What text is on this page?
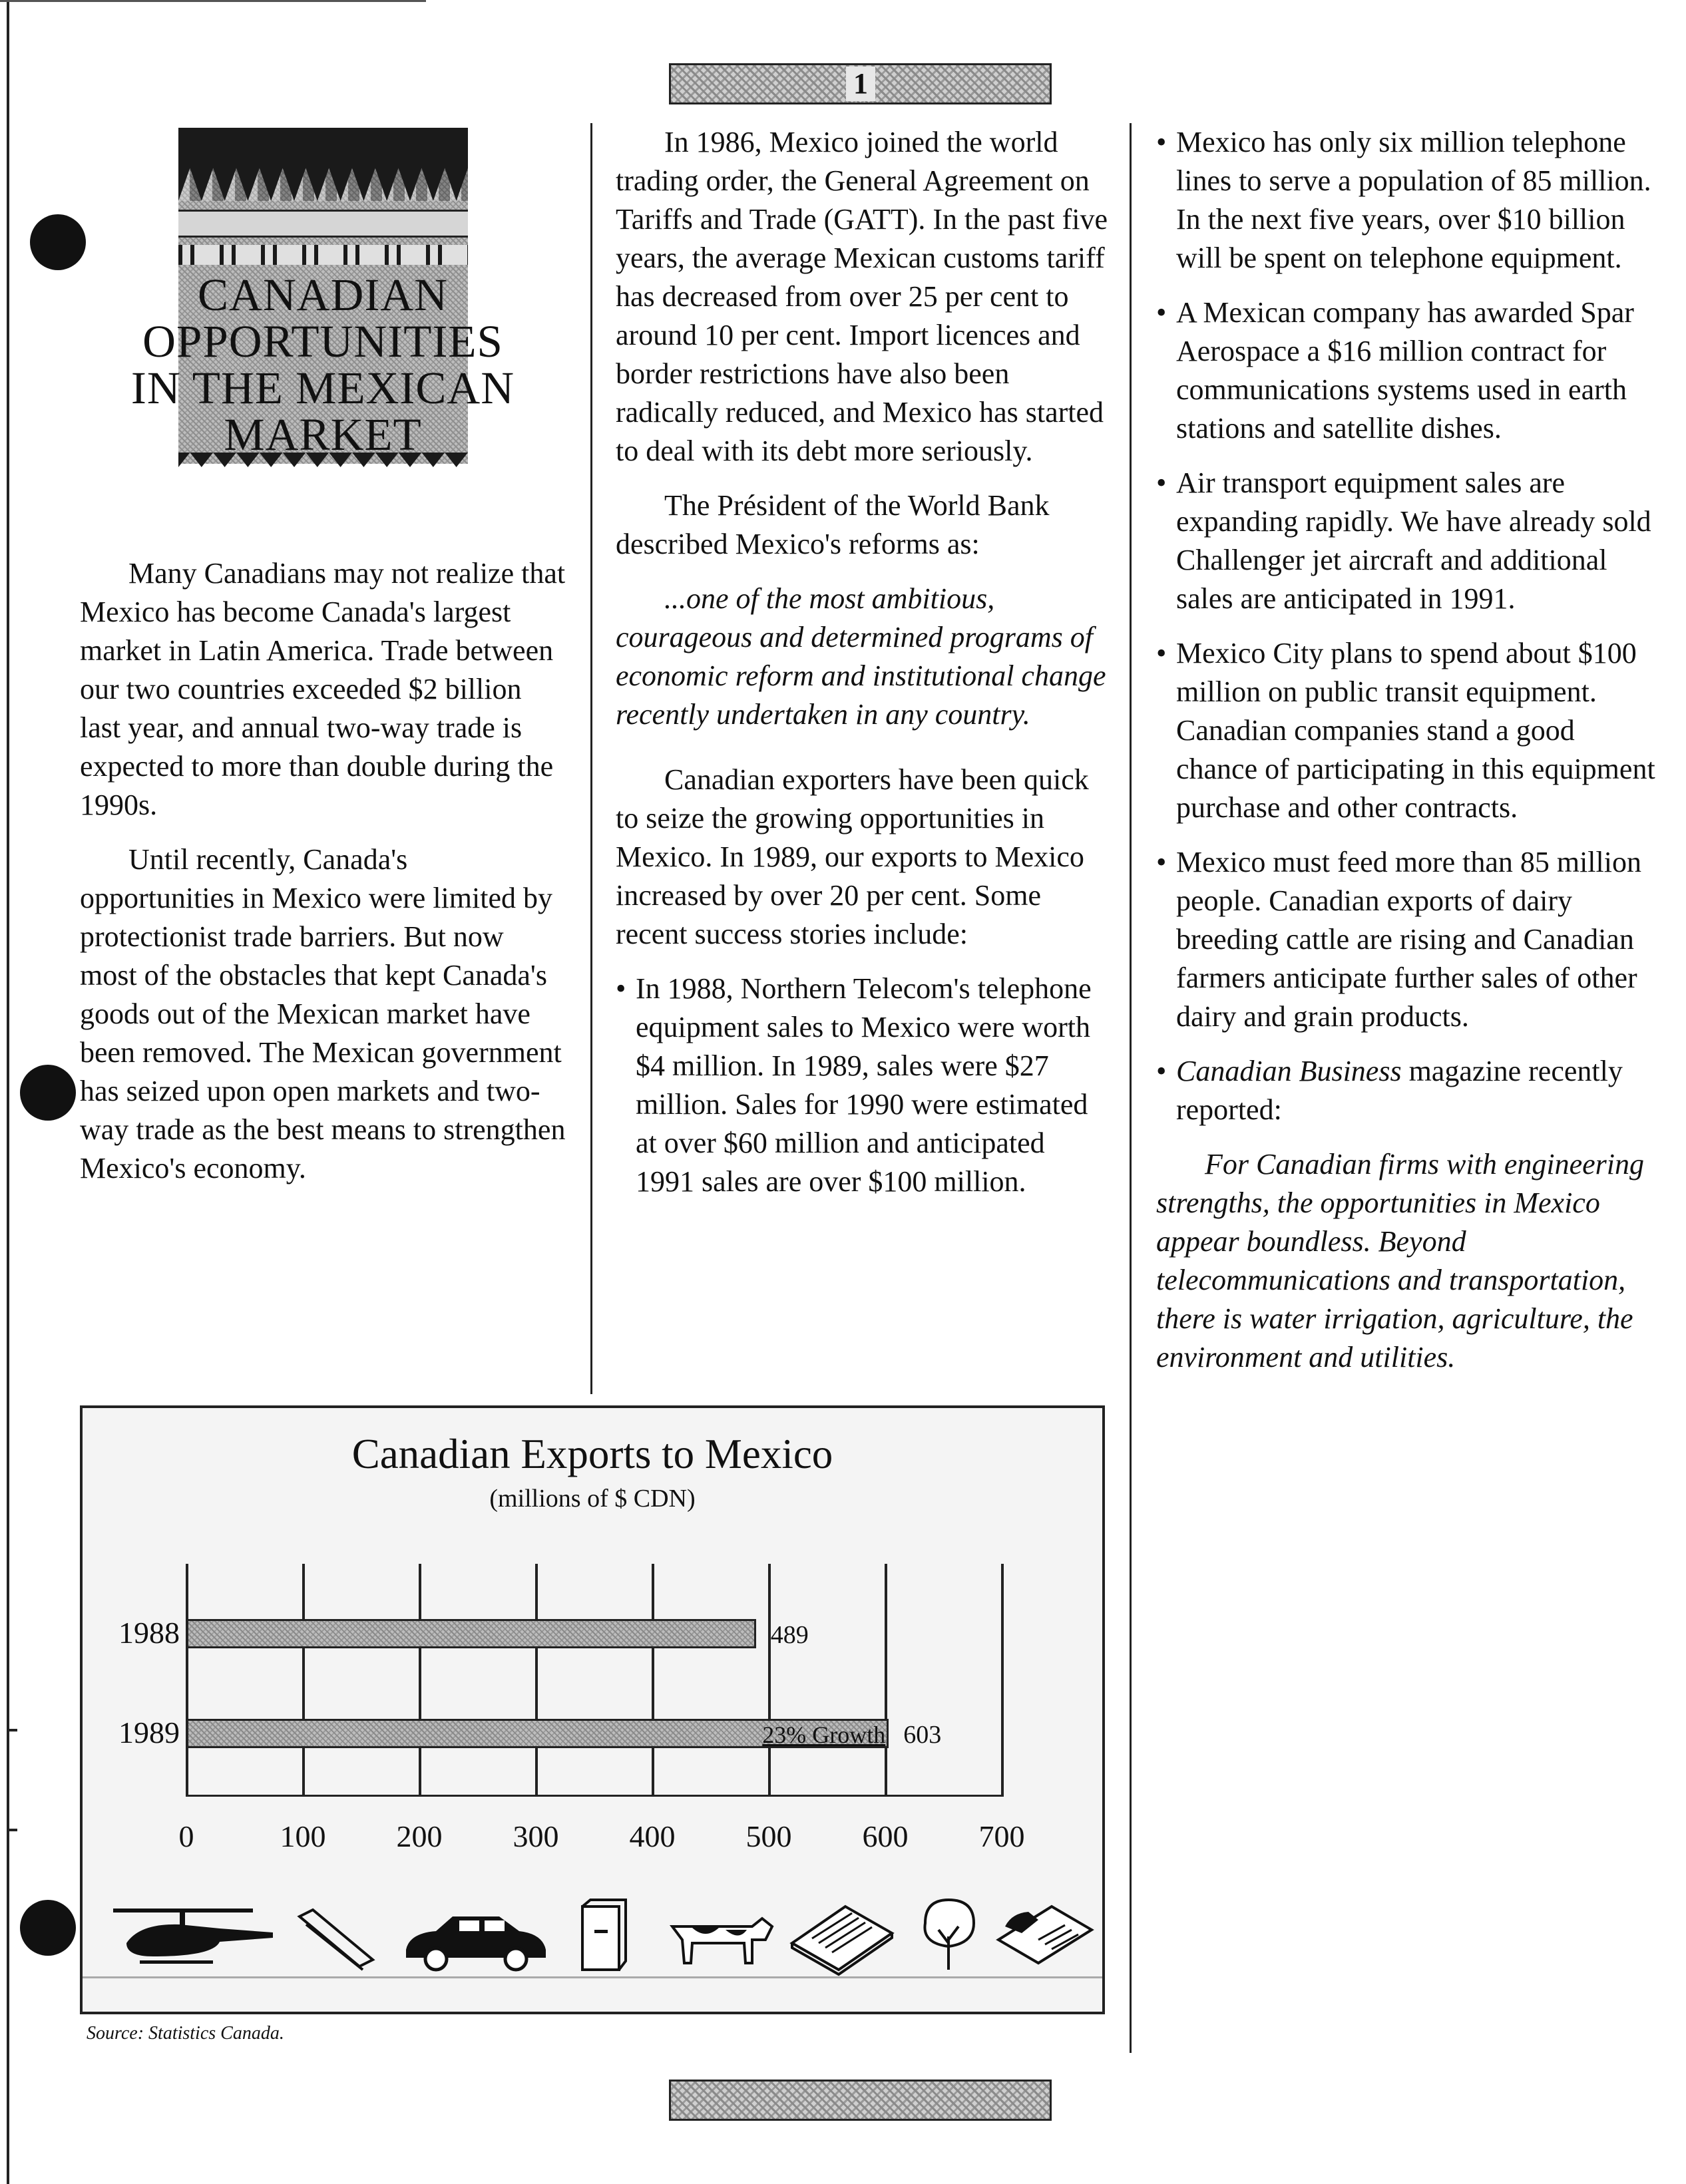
1
CANADIAN
OPPORTUNITIES
IN THE MEXICAN
MARKET

Many Canadians may not realize that Mexico has become Canada's largest market in Latin America. Trade between our two countries exceeded $2 billion last year, and annual two-way trade is expected to more than double during the 1990s.

Until recently, Canada's opportunities in Mexico were limited by protectionist trade barriers. But now most of the obstacles that kept Canada's goods out of the Mexican market have been removed. The Mexican government has seized upon open markets and two-way trade as the best means to strengthen Mexico's economy.

In 1986, Mexico joined the world trading order, the General Agreement on Tariffs and Trade (GATT). In the past five years, the average Mexican customs tariff has decreased from over 25 per cent to around 10 per cent. Import licences and border restrictions have also been radically reduced, and Mexico has started to deal with its debt more seriously.

The Président of the World Bank described Mexico's reforms as:

...one of the most ambitious, courageous and determined programs of economic reform and institutional change recently undertaken in any country.

Canadian exporters have been quick to seize the growing opportunities in Mexico. In 1989, our exports to Mexico increased by over 20 per cent. Some recent success stories include:

• In 1988, Northern Telecom's telephone equipment sales to Mexico were worth $4 million. In 1989, sales were $27 million. Sales for 1990 were estimated at over $60 million and anticipated 1991 sales are over $100 million.
• Mexico has only six million telephone lines to serve a population of 85 million. In the next five years, over $10 billion will be spent on telephone equipment.
• A Mexican company has awarded Spar Aerospace a $16 million contract for communications systems used in earth stations and satellite dishes.
• Air transport equipment sales are expanding rapidly. We have already sold Challenger jet aircraft and additional sales are anticipated in 1991.
• Mexico City plans to spend about $100 million on public transit equipment. Canadian companies stand a good chance of participating in this equipment purchase and other contracts.
• Mexico must feed more than 85 million people. Canadian exports of dairy breeding cattle are rising and Canadian farmers anticipate further sales of other dairy and grain products.
• Canadian Business magazine recently reported:

For Canadian firms with engineering strengths, the opportunities in Mexico appear boundless. Beyond telecommunications and transportation, there is water irrigation, agriculture, the environment and utilities.

Canadian Exports to Mexico
(millions of $ CDN)
0	100	200	300	400	500	600	700
1988	489
1989	603
23% Growth
Source: Statistics Canada.
